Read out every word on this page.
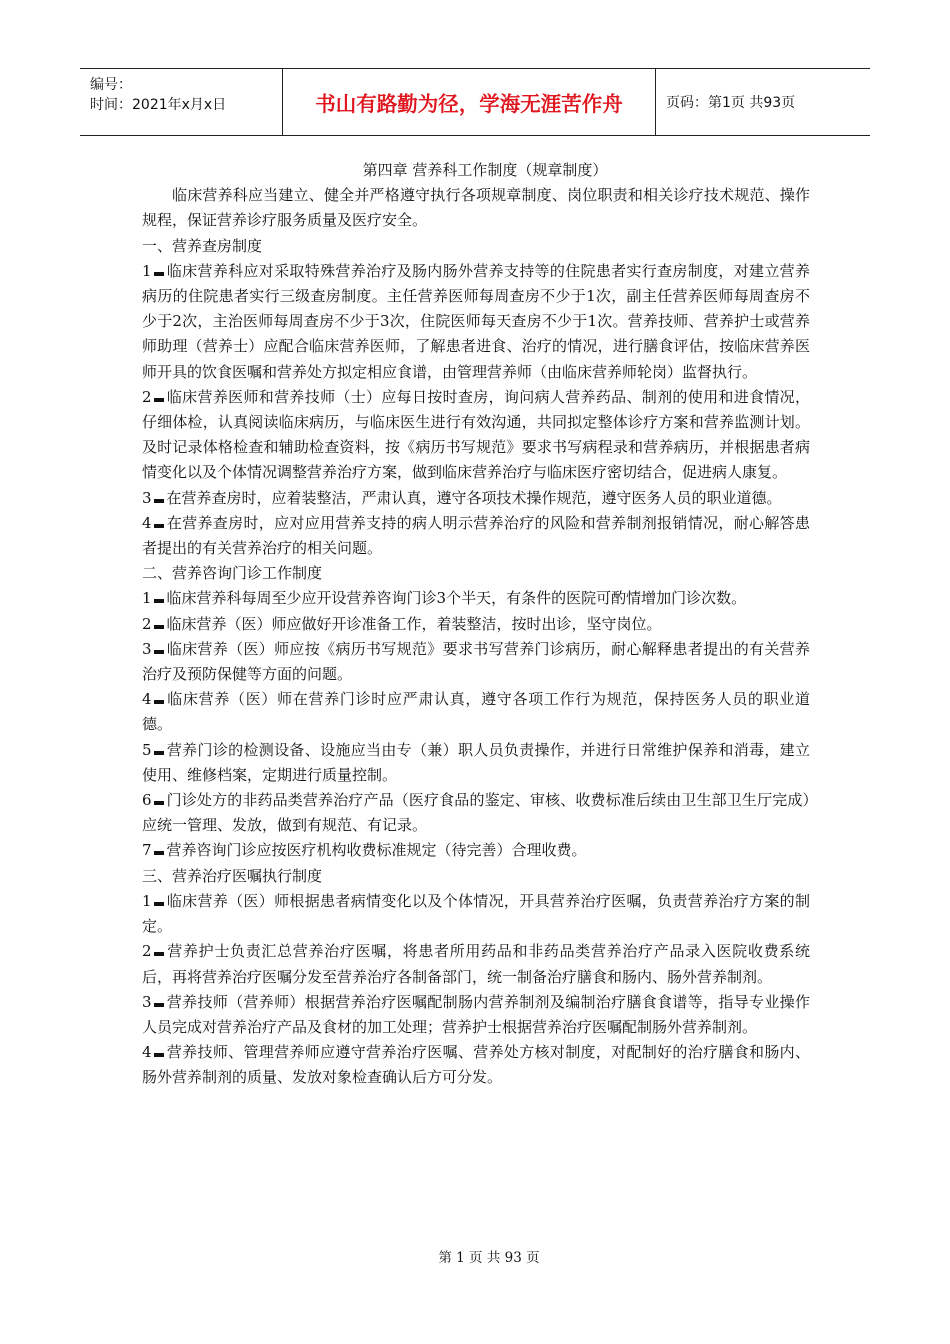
编号：
时间：2021年x月x日	书山有路勤为径，学海无涯苦作舟	页码：第1页 共93页

第四章 营养科工作制度（规章制度）

临床营养科应当建立、健全并严格遵守执行各项规章制度、岗位职责和相关诊疗技术规范、操作规程，保证营养诊疗服务质量及医疗安全。

一、营养查房制度

1 临床营养科应对采取特殊营养治疗及肠内肠外营养支持等的住院患者实行查房制度，对建立营养病历的住院患者实行三级查房制度。主任营养医师每周查房不少于1次，副主任营养医师每周查房不少于2次，主治医师每周查房不少于3次，住院医师每天查房不少于1次。营养技师、营养护士或营养师助理（营养士）应配合临床营养医师，了解患者进食、治疗的情况，进行膳食评估，按临床营养医师开具的饮食医嘱和营养处方拟定相应食谱，由管理营养师（由临床营养师轮岗）监督执行。

2 临床营养医师和营养技师（士）应每日按时查房，询问病人营养药品、制剂的使用和进食情况，仔细体检，认真阅读临床病历，与临床医生进行有效沟通，共同拟定整体诊疗方案和营养监测计划。及时记录体格检查和辅助检查资料，按《病历书写规范》要求书写病程录和营养病历，并根据患者病情变化以及个体情况调整营养治疗方案，做到临床营养治疗与临床医疗密切结合，促进病人康复。

3 在营养查房时，应着装整洁，严肃认真，遵守各项技术操作规范，遵守医务人员的职业道德。

4 在营养查房时，应对应用营养支持的病人明示营养治疗的风险和营养制剂报销情况，耐心解答患者提出的有关营养治疗的相关问题。

二、营养咨询门诊工作制度

1 临床营养科每周至少应开设营养咨询门诊3个半天，有条件的医院可酌情增加门诊次数。

2 临床营养（医）师应做好开诊准备工作，着装整洁，按时出诊，坚守岗位。

3 临床营养（医）师应按《病历书写规范》要求书写营养门诊病历，耐心解释患者提出的有关营养治疗及预防保健等方面的问题。

4 临床营养（医）师在营养门诊时应严肃认真，遵守各项工作行为规范，保持医务人员的职业道德。

5 营养门诊的检测设备、设施应当由专（兼）职人员负责操作，并进行日常维护保养和消毒，建立使用、维修档案，定期进行质量控制。

6 门诊处方的非药品类营养治疗产品（医疗食品的鉴定、审核、收费标准后续由卫生部卫生厅完成）应统一管理、发放，做到有规范、有记录。

7 营养咨询门诊应按医疗机构收费标准规定（待完善）合理收费。

三、营养治疗医嘱执行制度

1 临床营养（医）师根据患者病情变化以及个体情况，开具营养治疗医嘱，负责营养治疗方案的制定。

2 营养护士负责汇总营养治疗医嘱，将患者所用药品和非药品类营养治疗产品录入医院收费系统后，再将营养治疗医嘱分发至营养治疗各制备部门，统一制备治疗膳食和肠内、肠外营养制剂。

3 营养技师（营养师）根据营养治疗医嘱配制肠内营养制剂及编制治疗膳食食谱等，指导专业操作人员完成对营养治疗产品及食材的加工处理；营养护士根据营养治疗医嘱配制肠外营养制剂。

4 营养技师、管理营养师应遵守营养治疗医嘱、营养处方核对制度，对配制好的治疗膳食和肠内、肠外营养制剂的质量、发放对象检查确认后方可分发。

第 1 页 共 93 页
